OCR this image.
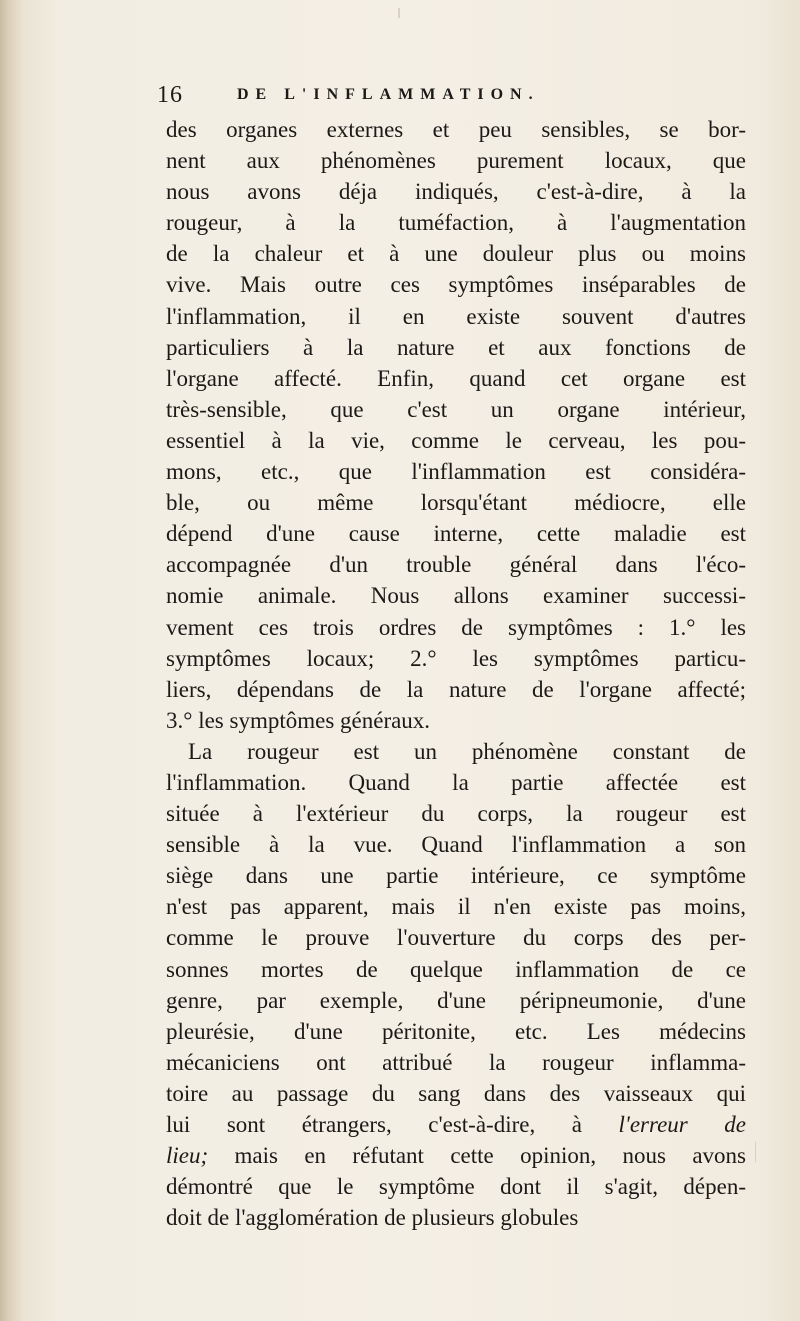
16	DE L'INFLAMMATION.
des organes externes et peu sensibles, se bor-
nent aux phénomènes purement locaux, que
nous avons déja indiqués, c'est-à-dire, à la
rougeur, à la tuméfaction, à l'augmentation
de la chaleur et à une douleur plus ou moins
vive. Mais outre ces symptômes inséparables de
l'inflammation, il en existe souvent d'autres
particuliers à la nature et aux fonctions de
l'organe affecté. Enfin, quand cet organe est
très-sensible, que c'est un organe intérieur,
essentiel à la vie, comme le cerveau, les pou-
mons, etc., que l'inflammation est considéra-
ble, ou même lorsqu'étant médiocre, elle
dépend d'une cause interne, cette maladie est
accompagnée d'un trouble général dans l'éco-
nomie animale. Nous allons examiner successi-
vement ces trois ordres de symptômes : 1.° les
symptômes locaux; 2.° les symptômes particu-
liers, dépendans de la nature de l'organe affecté;
3.° les symptômes généraux.
La rougeur est un phénomène constant de
l'inflammation. Quand la partie affectée est
située à l'extérieur du corps, la rougeur est
sensible à la vue. Quand l'inflammation a son
siège dans une partie intérieure, ce symptôme
n'est pas apparent, mais il n'en existe pas moins,
comme le prouve l'ouverture du corps des per-
sonnes mortes de quelque inflammation de ce
genre, par exemple, d'une péripneumonie, d'une
pleurésie, d'une péritonite, etc. Les médecins
mécaniciens ont attribué la rougeur inflamma-
toire au passage du sang dans des vaisseaux qui
lui sont étrangers, c'est-à-dire, à l'erreur de
lieu; mais en réfutant cette opinion, nous avons
démontré que le symptôme dont il s'agit, dépen-
doit de l'agglomération de plusieurs globules
